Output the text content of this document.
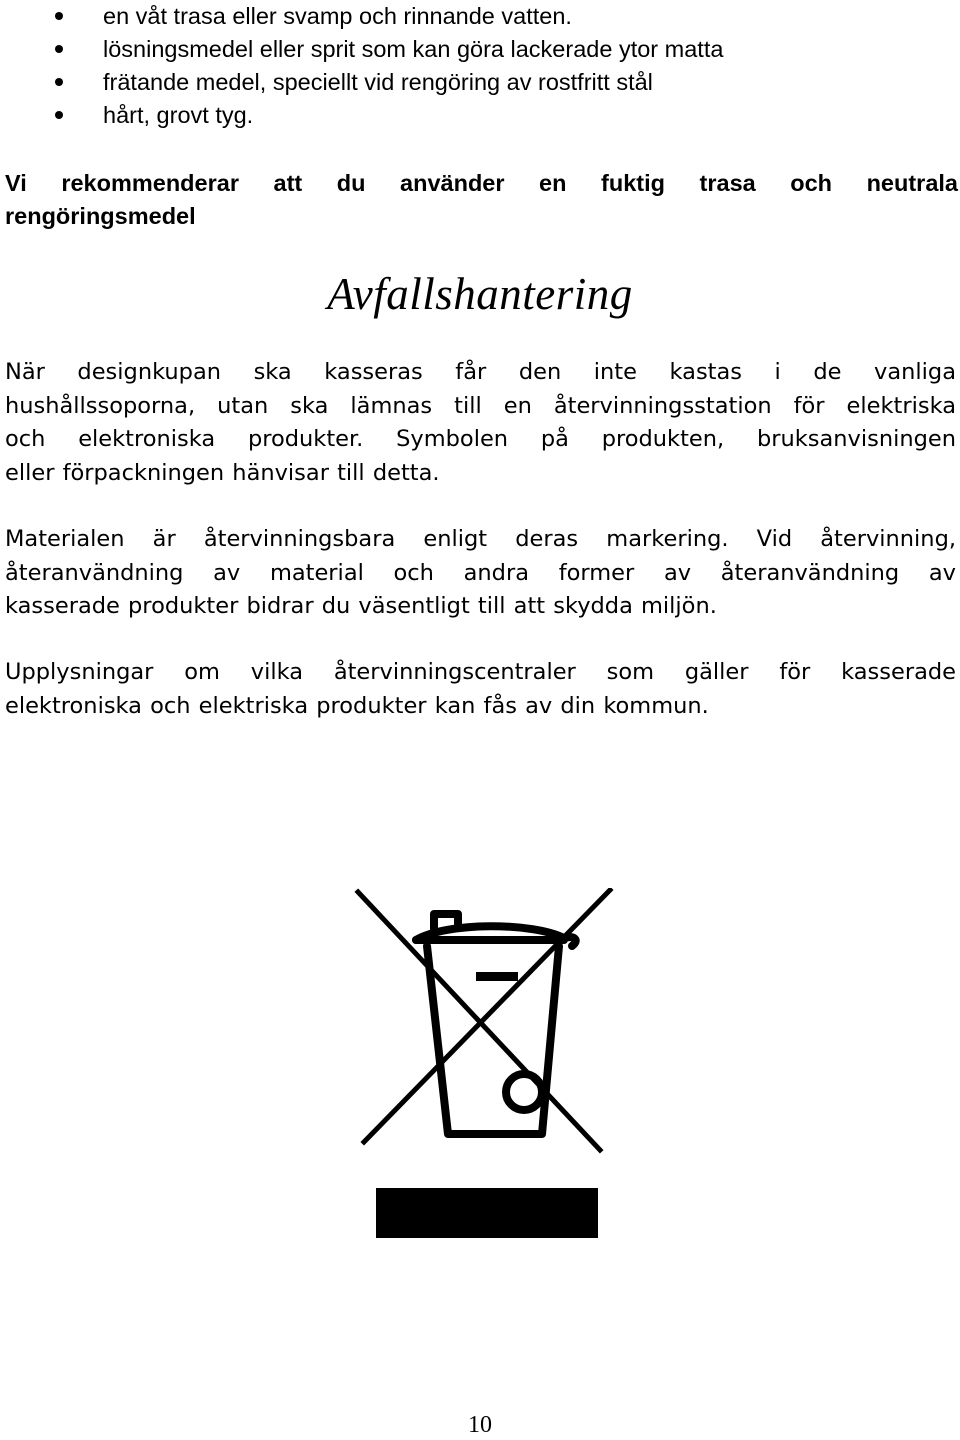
en våt trasa eller svamp och rinnande vatten.
lösningsmedel eller sprit som kan göra lackerade ytor matta
frätande medel, speciellt vid rengöring av rostfritt stål
hårt, grovt tyg.

Vi rekommenderar att du använder en fuktig trasa och neutrala
rengöringsmedel

Avfallshantering

När designkupan ska kasseras får den inte kastas i de vanliga
hushållssoporna, utan ska lämnas till en återvinningsstation för elektriska
och elektroniska produkter. Symbolen på produkten, bruksanvisningen
eller förpackningen hänvisar till detta.

Materialen är återvinningsbara enligt deras markering. Vid återvinning,
återanvändning av material och andra former av återanvändning av
kasserade produkter bidrar du väsentligt till att skydda miljön.

Upplysningar om vilka återvinningscentraler som gäller för kasserade
elektroniska och elektriska produkter kan fås av din kommun.

10
